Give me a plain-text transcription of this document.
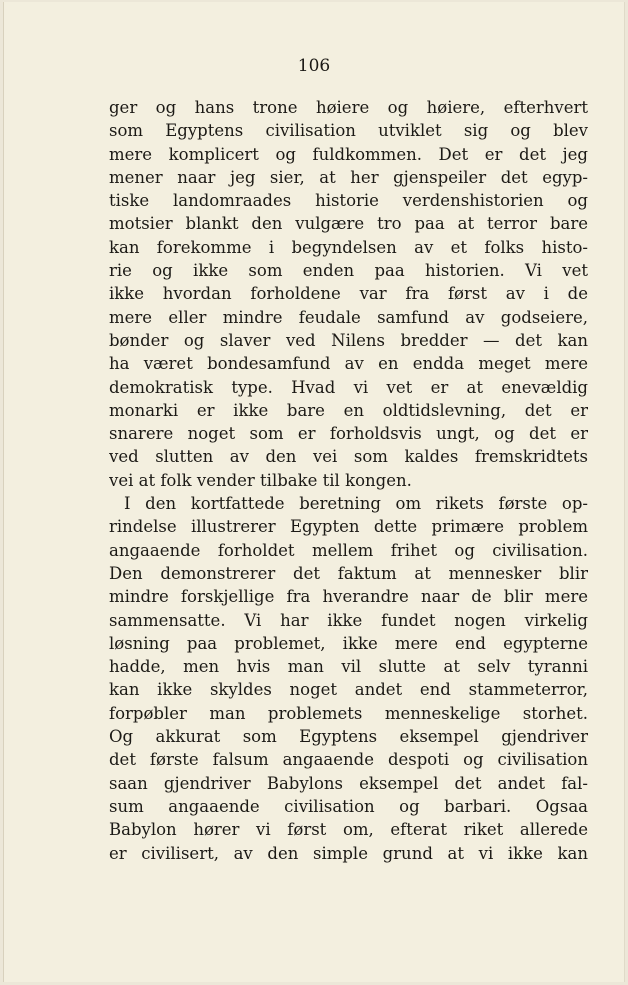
106
ger og hans trone høiere og høiere, efterhvert
som Egyptens civilisation utviklet sig og blev
mere komplicert og fuldkommen. Det er det jeg
mener naar jeg sier, at her gjenspeiler det egyp-
tiske landomraades historie verdenshistorien og
motsier blankt den vulgære tro paa at terror bare
kan forekomme i begyndelsen av et folks histo-
rie og ikke som enden paa historien. Vi vet
ikke hvordan forholdene var fra først av i de
mere eller mindre feudale samfund av godseiere,
bønder og slaver ved Nilens bredder — det kan
ha været bondesamfund av en endda meget mere
demokratisk type. Hvad vi vet er at enevældig
monarki er ikke bare en oldtidslevning, det er
snarere noget som er forholdsvis ungt, og det er
ved slutten av den vei som kaldes fremskridtets
vei at folk vender tilbake til kongen.
I den kortfattede beretning om rikets første op-
rindelse illustrerer Egypten dette primære problem
angaaende forholdet mellem frihet og civilisation.
Den demonstrerer det faktum at mennesker blir
mindre forskjellige fra hverandre naar de blir mere
sammensatte. Vi har ikke fundet nogen virkelig
løsning paa problemet, ikke mere end egypterne
hadde, men hvis man vil slutte at selv tyranni
kan ikke skyldes noget andet end stammeterror,
forpøbler man problemets menneskelige storhet.
Og akkurat som Egyptens eksempel gjendriver
det første falsum angaaende despoti og civilisation
saan gjendriver Babylons eksempel det andet fal-
sum angaaende civilisation og barbari. Ogsaa
Babylon hører vi først om, efterat riket allerede
er civilisert, av den simple grund at vi ikke kan
